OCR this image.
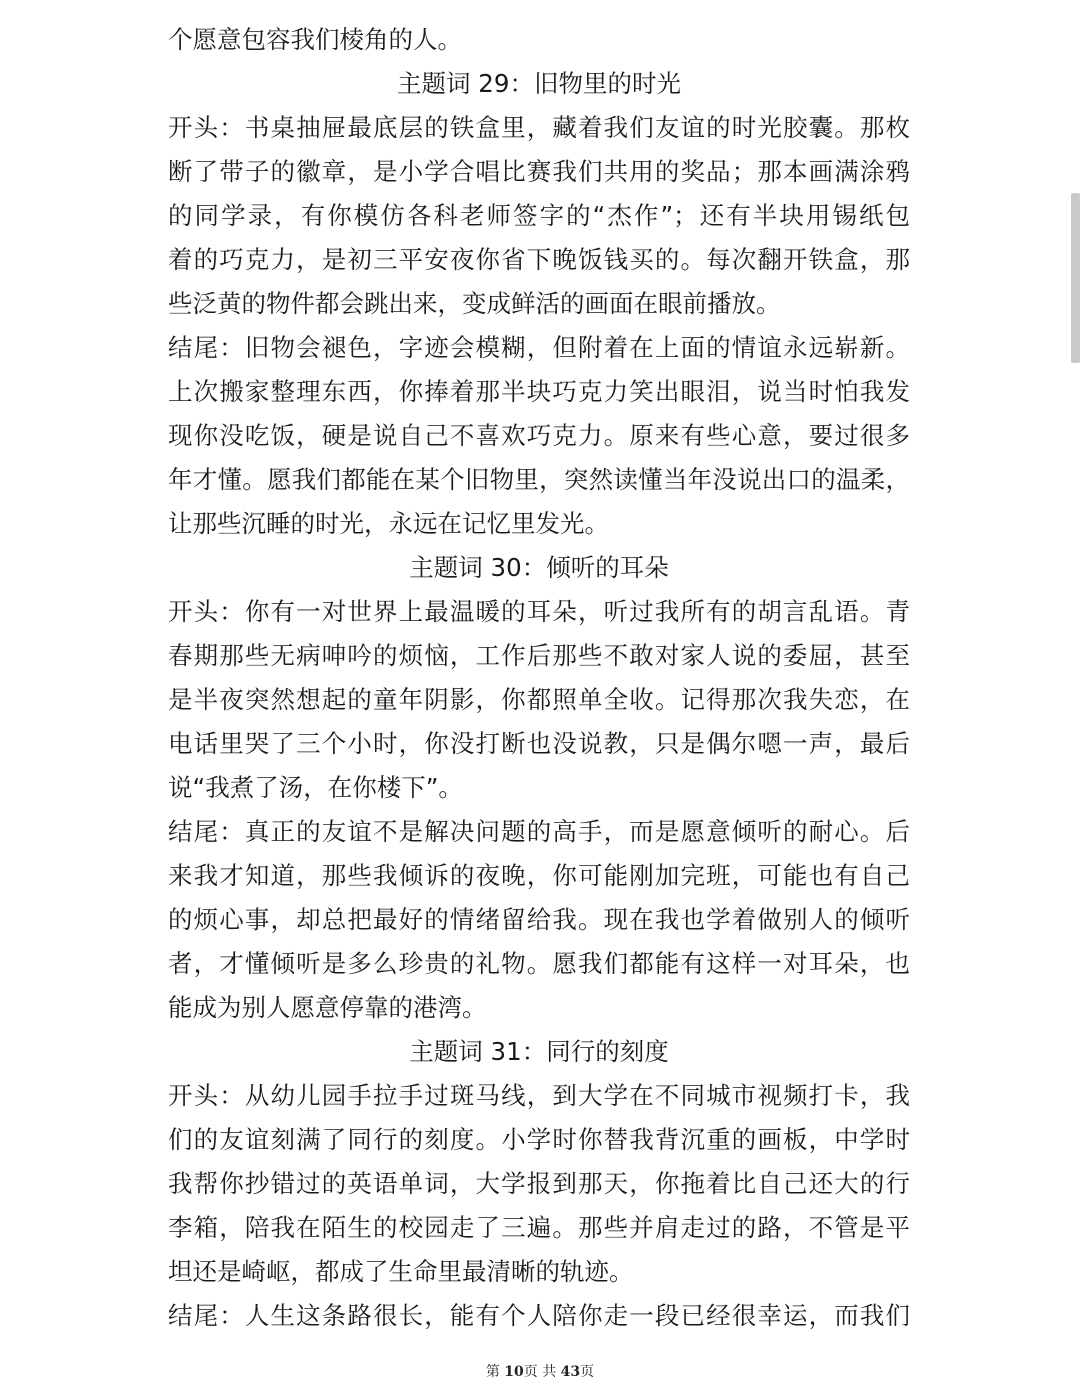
个愿意包容我们棱角的人。
主题词 29：旧物里的时光
开头：书桌抽屉最底层的铁盒里，藏着我们友谊的时光胶囊。那枚
断了带子的徽章，是小学合唱比赛我们共用的奖品；那本画满涂鸦
的同学录，有你模仿各科老师签字的“杰作”；还有半块用锡纸包
着的巧克力，是初三平安夜你省下晚饭钱买的。每次翻开铁盒，那
些泛黄的物件都会跳出来，变成鲜活的画面在眼前播放。
结尾：旧物会褪色，字迹会模糊，但附着在上面的情谊永远崭新。
上次搬家整理东西，你捧着那半块巧克力笑出眼泪，说当时怕我发
现你没吃饭，硬是说自己不喜欢巧克力。原来有些心意，要过很多
年才懂。愿我们都能在某个旧物里，突然读懂当年没说出口的温柔，
让那些沉睡的时光，永远在记忆里发光。
主题词 30：倾听的耳朵
开头：你有一对世界上最温暖的耳朵，听过我所有的胡言乱语。青
春期那些无病呻吟的烦恼，工作后那些不敢对家人说的委屈，甚至
是半夜突然想起的童年阴影，你都照单全收。记得那次我失恋，在
电话里哭了三个小时，你没打断也没说教，只是偶尔嗯一声，最后
说“我煮了汤，在你楼下”。
结尾：真正的友谊不是解决问题的高手，而是愿意倾听的耐心。后
来我才知道，那些我倾诉的夜晚，你可能刚加完班，可能也有自己
的烦心事，却总把最好的情绪留给我。现在我也学着做别人的倾听
者，才懂倾听是多么珍贵的礼物。愿我们都能有这样一对耳朵，也
能成为别人愿意停靠的港湾。
主题词 31：同行的刻度
开头：从幼儿园手拉手过斑马线，到大学在不同城市视频打卡，我
们的友谊刻满了同行的刻度。小学时你替我背沉重的画板，中学时
我帮你抄错过的英语单词，大学报到那天，你拖着比自己还大的行
李箱，陪我在陌生的校园走了三遍。那些并肩走过的路，不管是平
坦还是崎岖，都成了生命里最清晰的轨迹。
结尾：人生这条路很长，能有个人陪你走一段已经很幸运，而我们
第 10页 共 43页
